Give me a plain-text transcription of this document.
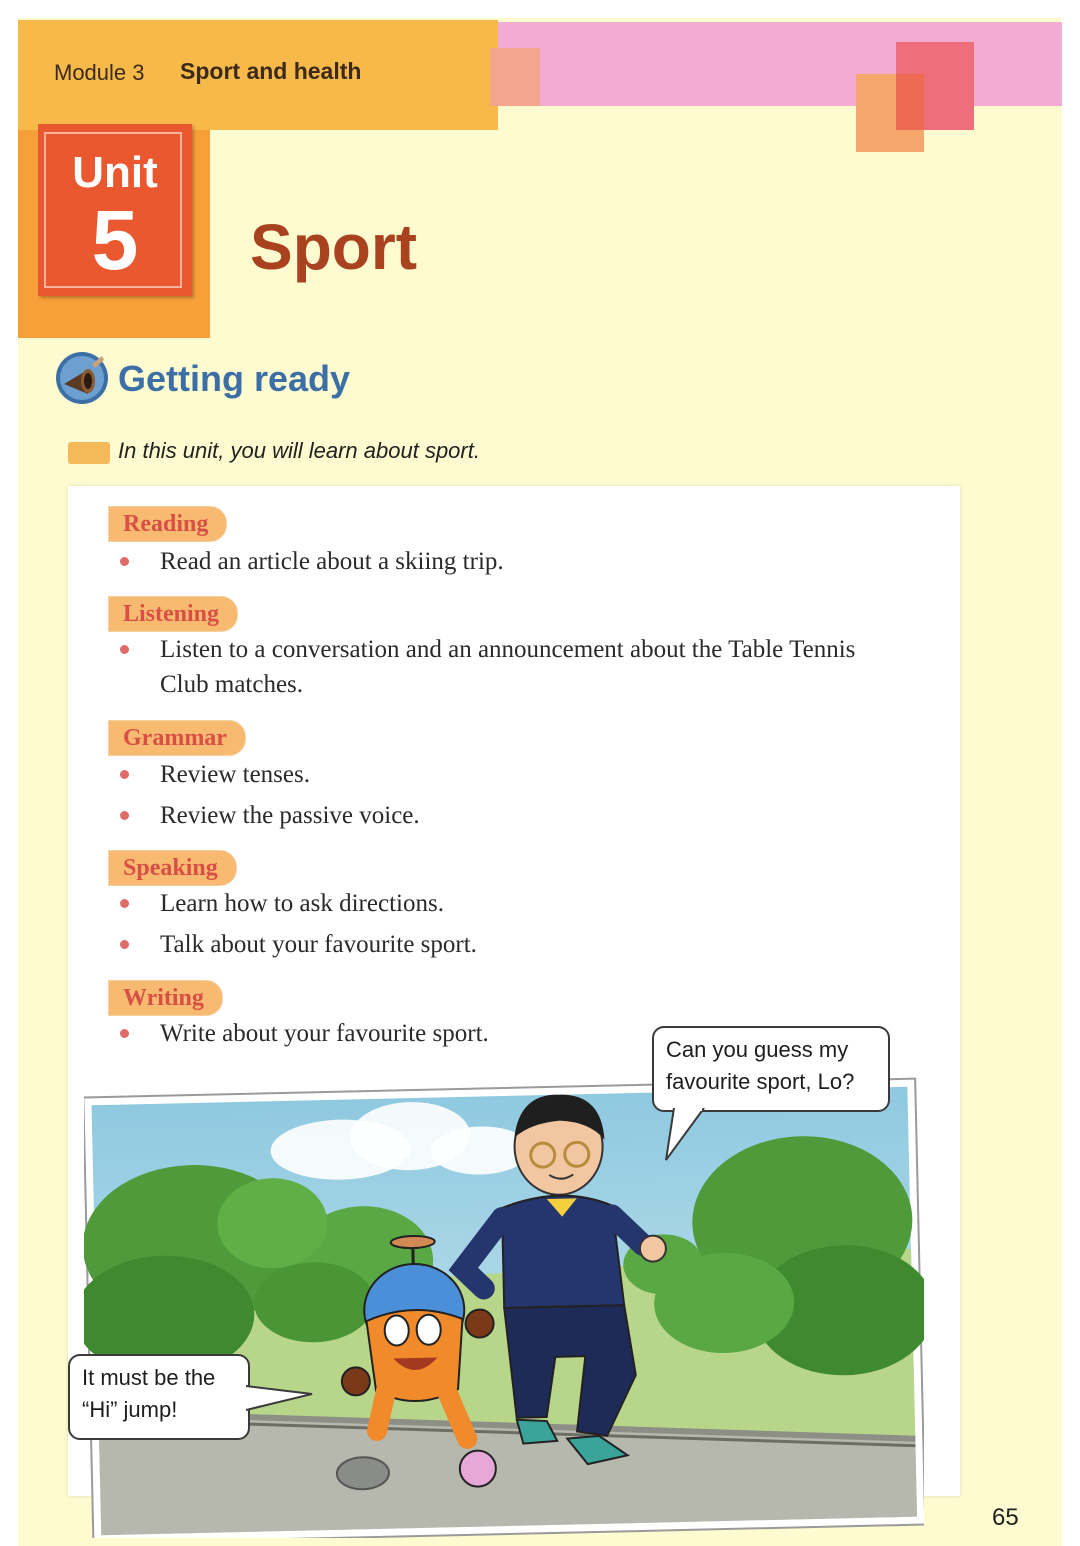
Module 3 Sport and health
Unit
5	Sport
Getting ready
In this unit, you will learn about sport.
Reading
Read an article about a skiing trip.
Listening
Listen to a conversation and an announcement about the Table Tennis Club matches.
Grammar
Review tenses.
Review the passive voice.
Speaking
Learn how to ask directions.
Talk about your favourite sport.
Writing
Write about your favourite sport.
Can you guess my
favourite sport, Lo?
It must be the
“Hi” jump!
65
